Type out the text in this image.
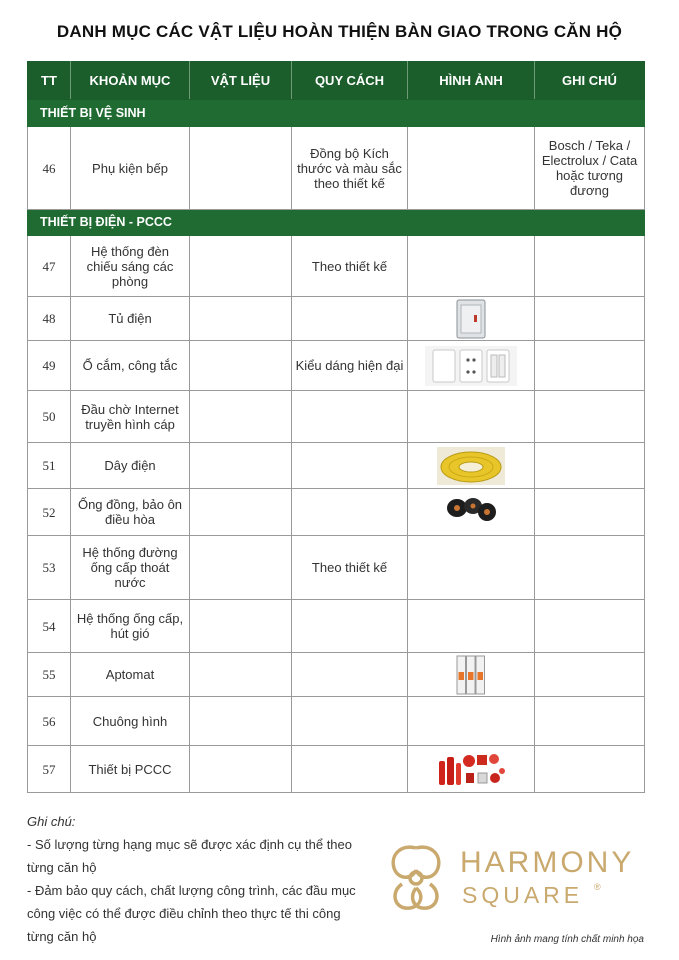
DANH MỤC CÁC VẬT LIỆU HOÀN THIỆN BÀN GIAO TRONG CĂN HỘ
TT	KHOẢN MỤC	VẬT LIỆU	QUY CÁCH	HÌNH ẢNH	GHI CHÚ
THIẾT BỊ VỆ SINH					
46	Phụ kiện bếp		Đồng bộ Kích thước và màu sắc theo thiết kế		Bosch / Teka / Electrolux / Cata hoặc tương đương
THIẾT BỊ ĐIỆN - PCCC					
47	Hệ thống đèn chiếu sáng các phòng		Theo thiết kế		
48	Tủ điện				
49	Ổ cắm, công tắc		Kiểu dáng hiện đại		
50	Đầu chờ Internet truyền hình cáp				
51	Dây điện				
52	Ống đồng, bảo ôn điều hòa				
53	Hệ thống đường ống cấp thoát nước		Theo thiết kế		
54	Hệ thống ống cấp, hút gió				
55	Aptomat				
56	Chuông hình				
57	Thiết bị PCCC				
Ghi chú:
- Số lượng từng hạng mục sẽ được xác định cụ thể theo từng căn hộ
- Đảm bảo quy cách, chất lượng công trình, các đầu mục công việc có thể được điều chỉnh theo thực tế thi công từng căn hộ
HARMONY
SQUARE ®
Hình ảnh mang tính chất minh họa
